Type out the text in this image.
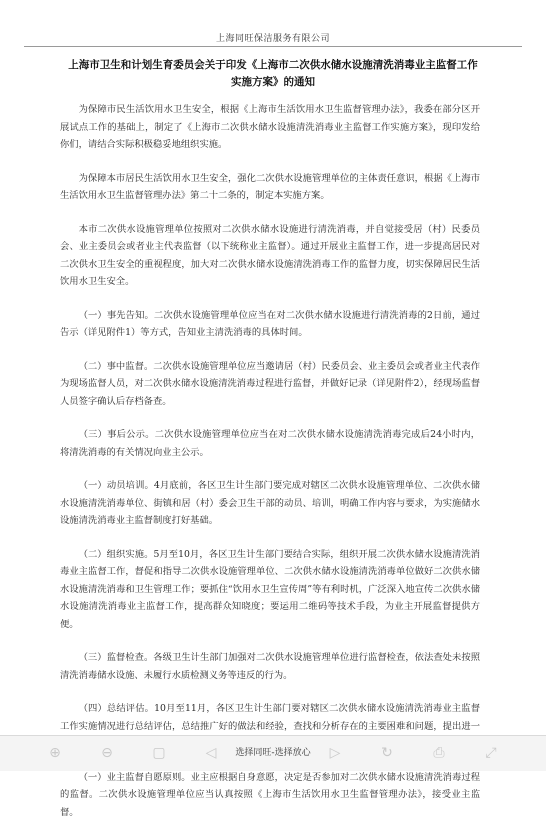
上海同旺保洁服务有限公司
上海市卫生和计划生育委员会关于印发《上海市二次供水储水设施清洗消毒业主监督工作实施方案》的通知

为保障市民生活饮用水卫生安全，根据《上海市生活饮用水卫生监督管理办法》，我委在部分区开展试点工作的基础上，制定了《上海市二次供水储水设施清洗消毒业主监督工作实施方案》，现印发给你们，请结合实际积极稳妥地组织实施。

为保障本市居民生活饮用水卫生安全，强化二次供水设施管理单位的主体责任意识，根据《上海市生活饮用水卫生监督管理办法》第二十二条的，制定本实施方案。

本市二次供水设施管理单位按照对二次供水储水设施进行清洗消毒，并自觉接受居（村）民委员会、业主委员会或者业主代表监督（以下统称业主监督）。通过开展业主监督工作，进一步提高居民对二次供水卫生安全的重视程度，加大对二次供水储水设施清洗消毒工作的监督力度，切实保障居民生活饮用水卫生安全。

（一）事先告知。二次供水设施管理单位应当在对二次供水储水设施进行清洗消毒的2日前，通过告示（详见附件1）等方式，告知业主清洗消毒的具体时间。

（二）事中监督。二次供水设施管理单位应当邀请居（村）民委员会、业主委员会或者业主代表作为现场监督人员，对二次供水储水设施清洗消毒过程进行监督，并做好记录（详见附件2），经现场监督人员签字确认后存档备查。

（三）事后公示。二次供水设施管理单位应当在对二次供水储水设施清洗消毒完成后24小时内，将清洗消毒的有关情况向业主公示。

（一）动员培训。4月底前，各区卫生计生部门要完成对辖区二次供水设施管理单位、二次供水储水设施清洗消毒单位、街镇和居（村）委会卫生干部的动员、培训，明确工作内容与要求，为实施储水设施清洗消毒业主监督制度打好基础。

（二）组织实施。5月至10月，各区卫生计生部门要结合实际，组织开展二次供水储水设施清洗消毒业主监督工作，督促和指导二次供水设施管理单位、二次供水储水设施清洗消毒单位做好二次供水储水设施清洗消毒和卫生管理工作；要抓住“饮用水卫生宣传周”等有利时机，广泛深入地宣传二次供水储水设施清洗消毒业主监督工作，提高群众知晓度；要运用二维码等技术手段，为业主开展监督提供方便。

（三）监督检查。各级卫生计生部门加强对二次供水设施管理单位进行监督检查，依法查处未按照清洗消毒储水设施、未履行水质检测义务等违反的行为。

（四）总结评估。10月至11月，各区卫生计生部门要对辖区二次供水储水设施清洗消毒业主监督工作实施情况进行总结评估，总结推广好的做法和经验，查找和分析存在的主要困难和问题，提出进一

（一）业主监督自愿原则。业主应根据自身意愿，决定是否参加对二次供水储水设施清洗消毒过程的监督。二次供水设施管理单位应当认真按照《上海市生活饮用水卫生监督管理办法》，接受业主监督。

⊕	⊖	▢	◁	▷	↻	⎙	⤢
选择同旺-选择放心
